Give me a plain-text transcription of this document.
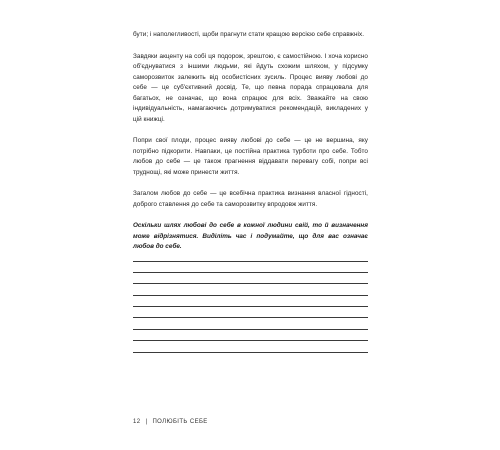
бути; і наполегливості, щоби прагнути стати кращою версією себе справжніх.

Завдяки акценту на собі ця подорож, зрештою, є самостійною. І хоча корисно об'єднуватися з іншими людьми, які йдуть схожим шляхом, у підсумку саморозвиток залежить від особистісних зусиль. Процес вияву любові до себе — це суб'єктивний досвід. Те, що певна порада спрацювала для багатьох, не означає, що вона спрацює для всіх. Зважайте на свою індивідуальність, намагаючись дотримуватися рекомендацій, викладених у цій книжці.

Попри свої плоди, процес вияву любові до себе — це не вершина, яку потрібно підкорити. Навпаки, це постійна практика турботи про себе. Тобто любов до себе — це також прагнення віддавати перевагу собі, попри всі труднощі, які може принести життя.

Загалом любов до себе — це всебічна практика визнання власної гідності, доброго ставлення до себе та саморозвитку впродовж життя.

Оскільки шлях любові до себе в кожної людини свій, то й визначення може відрізнятися. Виділіть час і подумайте, що для вас означає любов до себе.

12 | ПОЛЮБІТЬ СЕБЕ
